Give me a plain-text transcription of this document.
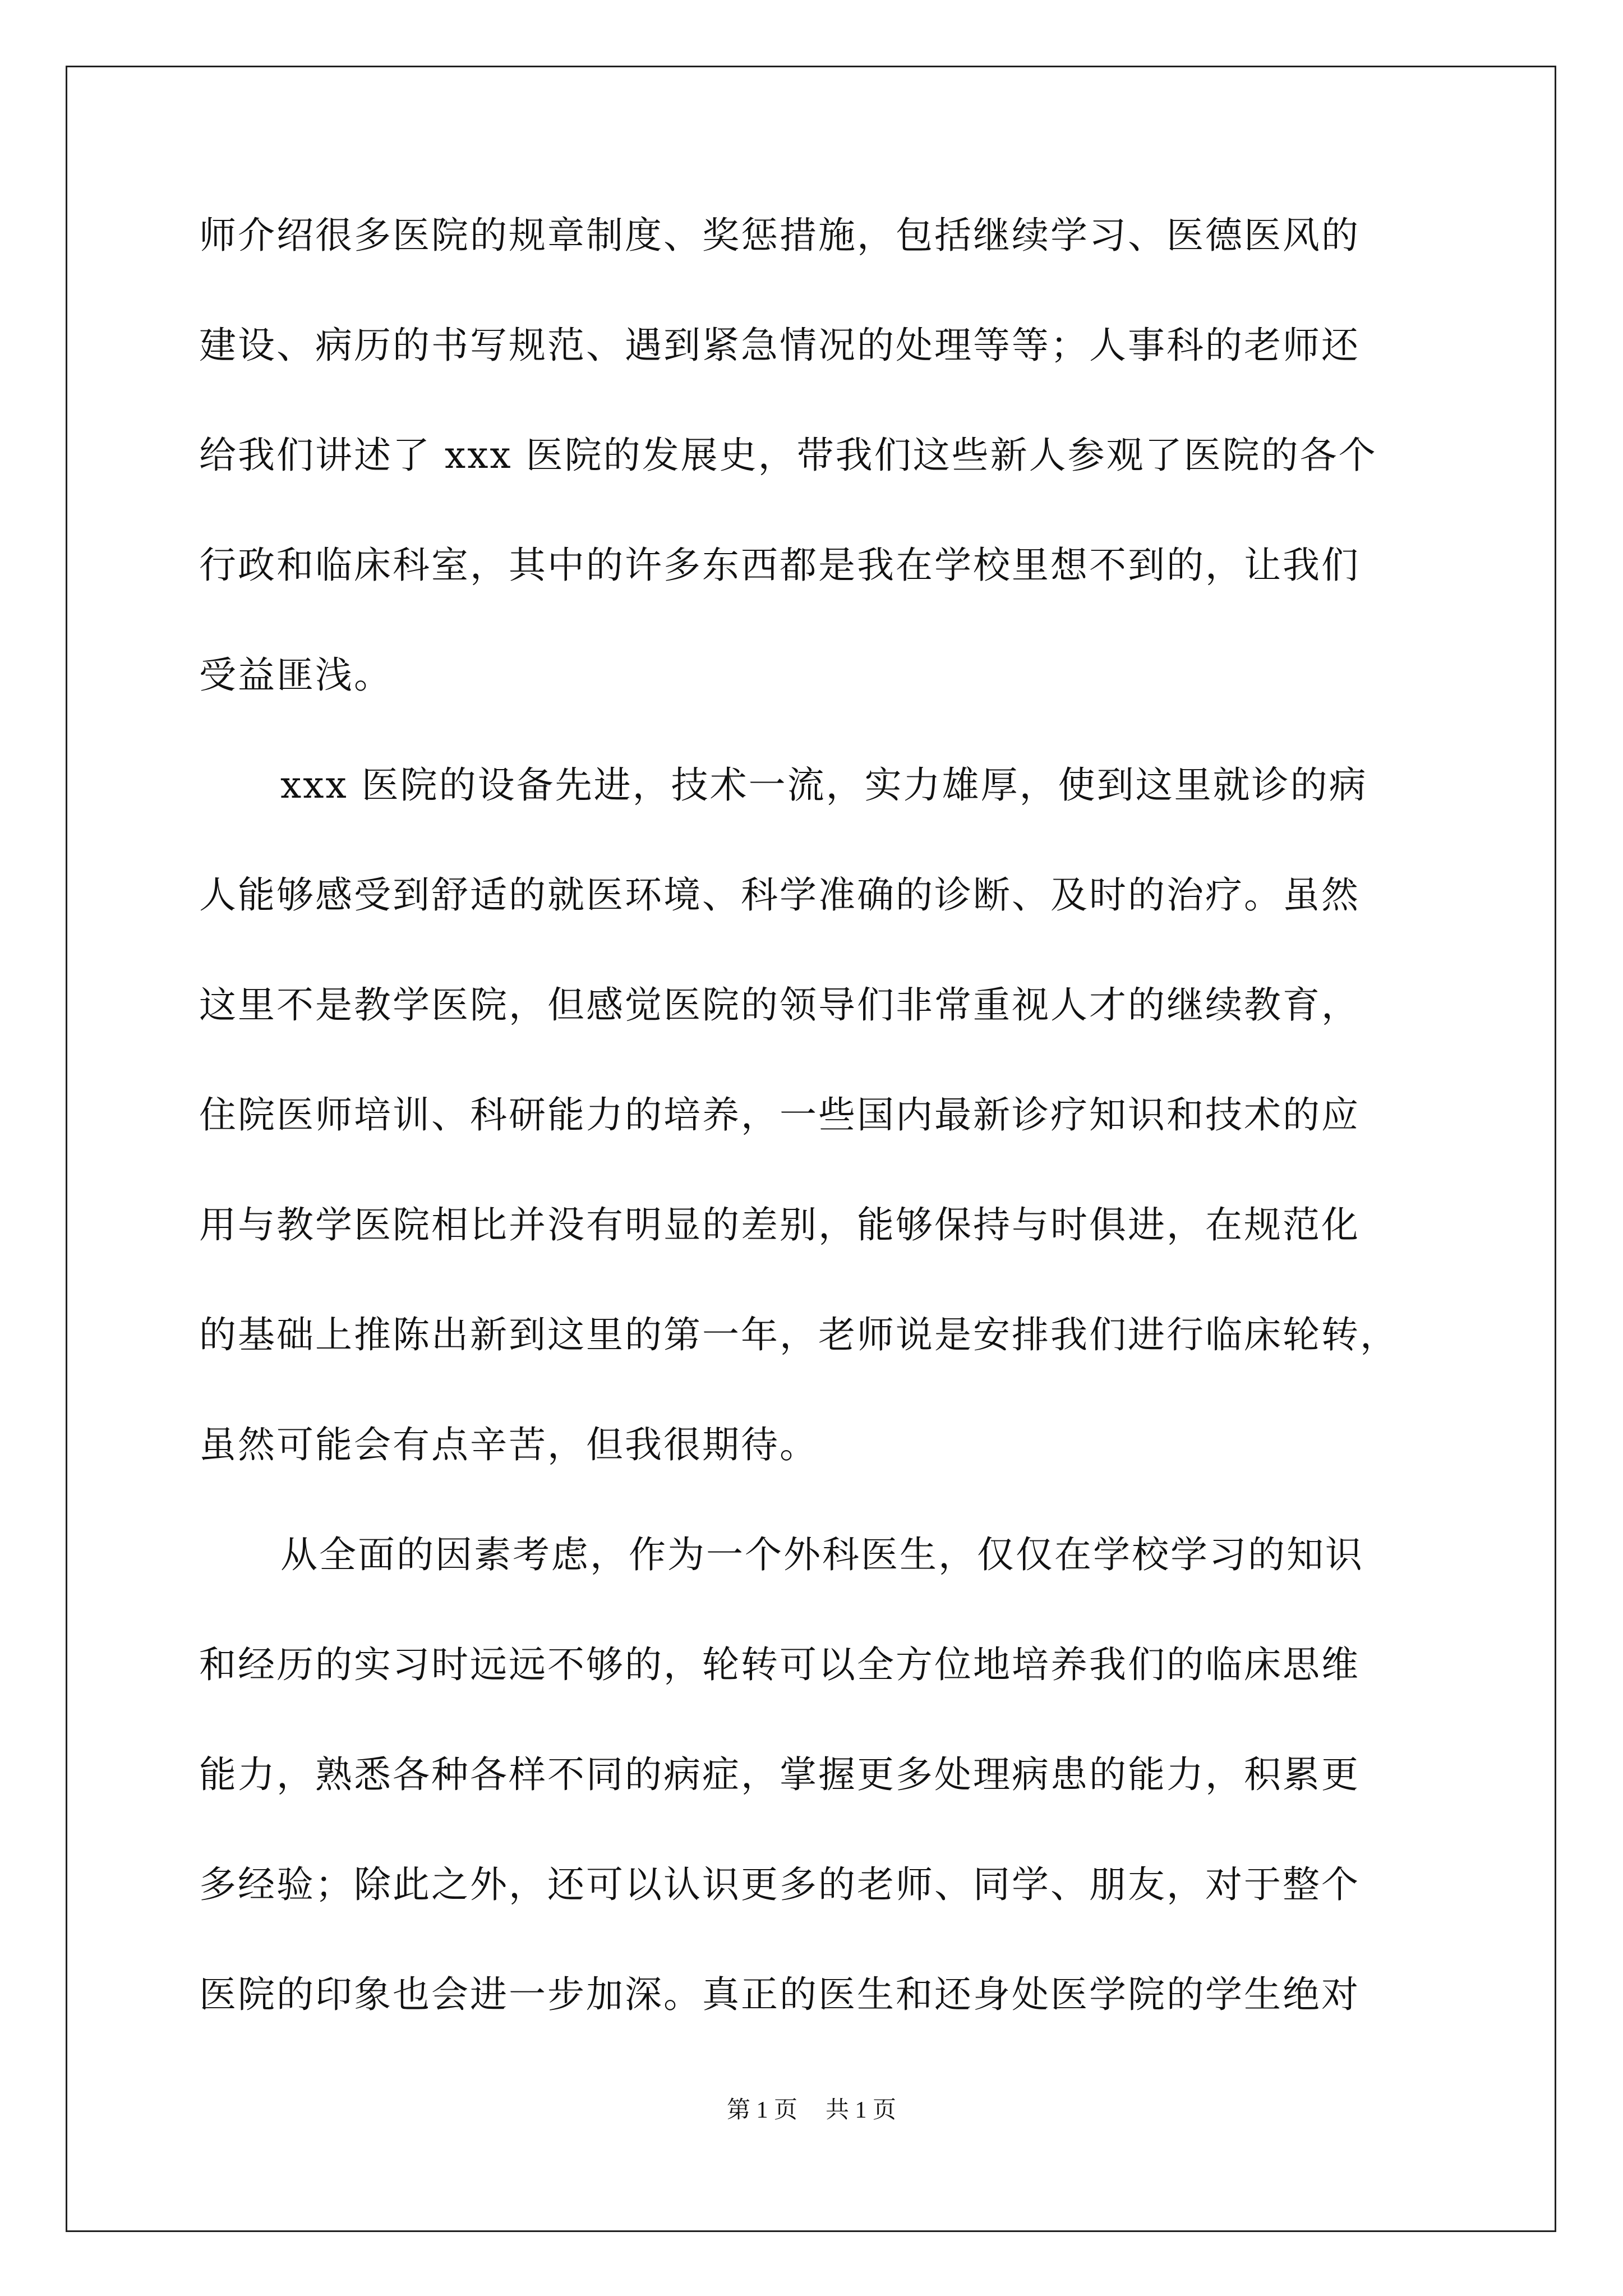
师介绍很多医院的规章制度、奖惩措施，包括继续学习、医德医风的
建设、病历的书写规范、遇到紧急情况的处理等等；人事科的老师还
给我们讲述了 xxx 医院的发展史，带我们这些新人参观了医院的各个
行政和临床科室，其中的许多东西都是我在学校里想不到的，让我们
受益匪浅。
xxx 医院的设备先进，技术一流，实力雄厚，使到这里就诊的病
人能够感受到舒适的就医环境、科学准确的诊断、及时的治疗。虽然
这里不是教学医院，但感觉医院的领导们非常重视人才的继续教育，
住院医师培训、科研能力的培养，一些国内最新诊疗知识和技术的应
用与教学医院相比并没有明显的差别，能够保持与时俱进，在规范化
的基础上推陈出新到这里的第一年，老师说是安排我们进行临床轮转，
虽然可能会有点辛苦，但我很期待。
从全面的因素考虑，作为一个外科医生，仅仅在学校学习的知识
和经历的实习时远远不够的，轮转可以全方位地培养我们的临床思维
能力，熟悉各种各样不同的病症，掌握更多处理病患的能力，积累更
多经验；除此之外，还可以认识更多的老师、同学、朋友，对于整个
医院的印象也会进一步加深。真正的医生和还身处医学院的学生绝对
第 1 页 共 1 页
